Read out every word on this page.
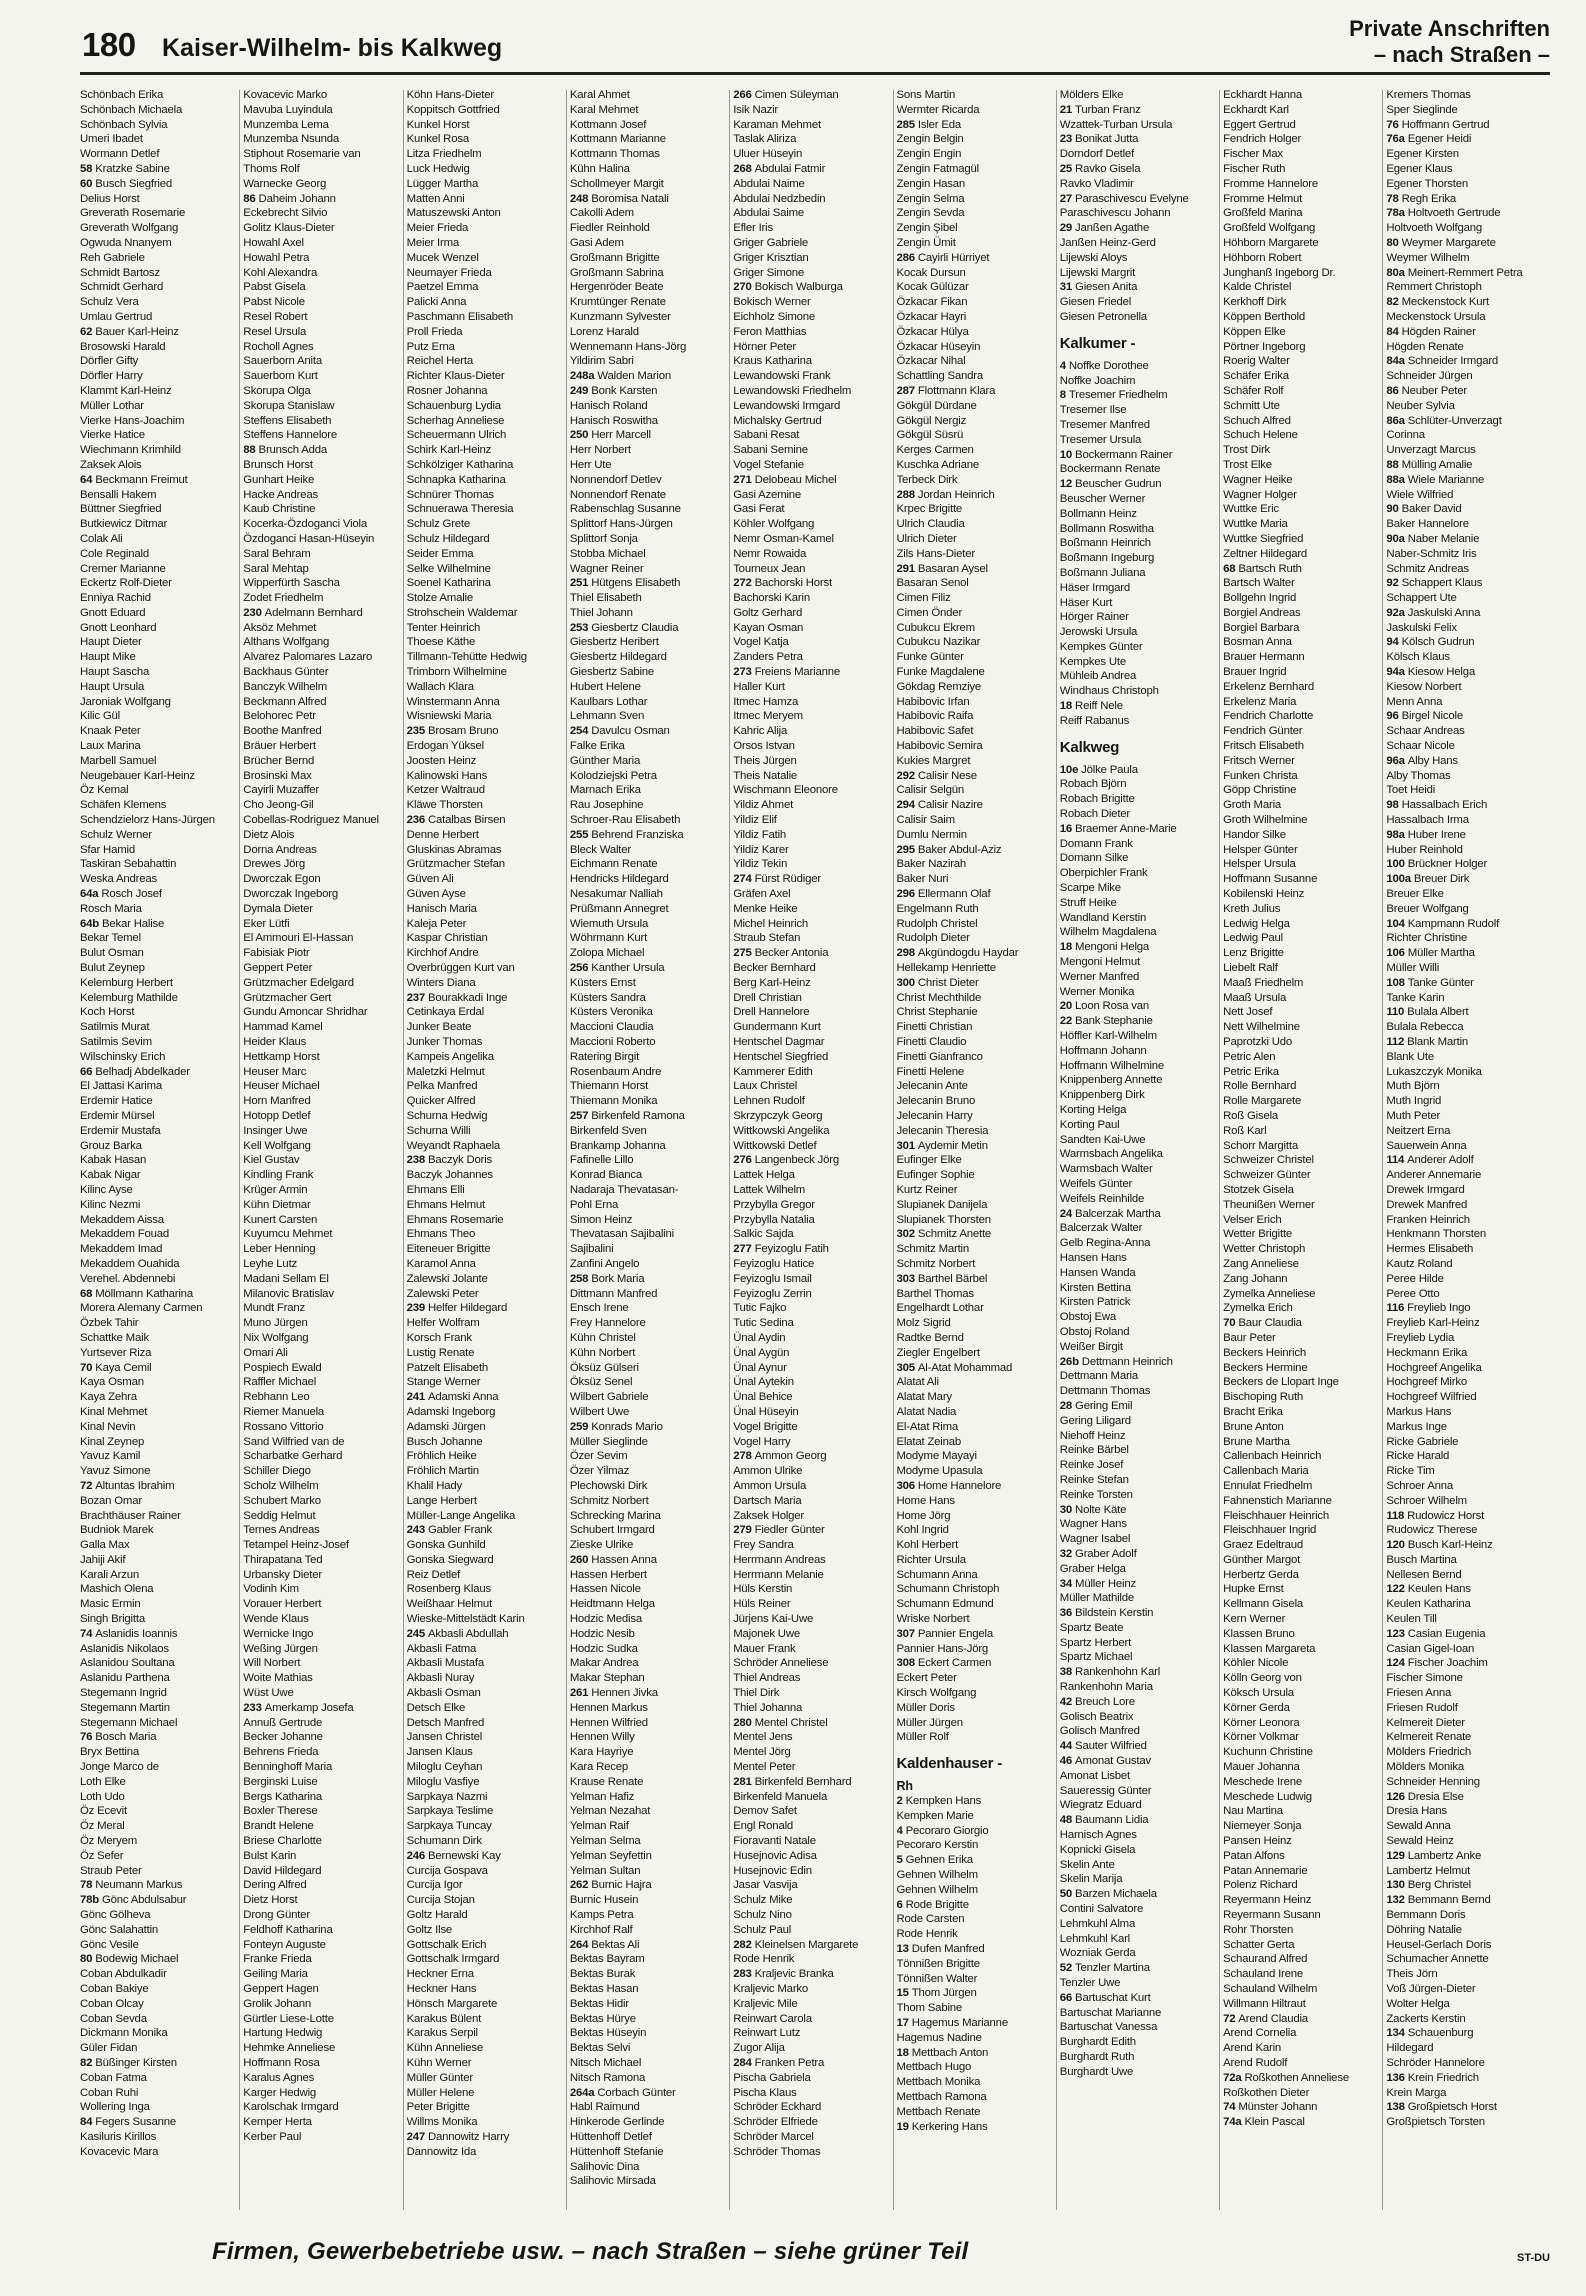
180 Kaiser-Wilhelm- bis Kalkweg
Private Anschriften
– nach Straßen –
Schönbach Erika
Schönbach Michaela
Schönbach Sylvia
Umeri Ibadet
Wormann Detlef
58 Kratzke Sabine
60 Busch Siegfried
Delius Horst
Greverath Rosemarie
Greverath Wolfgang
Ogwuda Nnanyem
Reh Gabriele
Schmidt Bartosz
Schmidt Gerhard
Schulz Vera
Umlau Gertrud
62 Bauer Karl-Heinz
Brosowski Harald
Dörfler Gifty
Dörfler Harry
Klammt Karl-Heinz
Müller Lothar
Vierke Hans-Joachim
Vierke Hatice
Wiechmann Krimhild
Zaksek Alois
64 Beckmann Freimut
Bensalli Hakem
Büttner Siegfried
Butkiewicz Ditmar
Colak Ali
Cole Reginald
Cremer Marianne
Eckertz Rolf-Dieter
Enniya Rachid
Gnott Eduard
Gnott Leonhard
Haupt Dieter
Haupt Mike
Haupt Sascha
Haupt Ursula
Jaroniak Wolfgang
Kilic Gül
Knaak Peter
Laux Marina
Marbell Samuel
Neugebauer Karl-Heinz
Öz Kemal
Schäfen Klemens
Schendzielorz Hans-Jürgen
Schulz Werner
Sfar Hamid
Taskiran Sebahattin
Weska Andreas
64a Rosch Josef
Rosch Maria
64b Bekar Halise
Bekar Temel
Bulut Osman
Bulut Zeynep
Kelemburg Herbert
Kelemburg Mathilde
Koch Horst
Satilmis Murat
Satilmis Sevim
Wilschinsky Erich
66 Belhadj Abdelkader
El Jattasi Karima
Erdemir Hatice
Erdemir Mürsel
Erdemir Mustafa
Grouz Barka
Kabak Hasan
Kabak Nigar
Kilinc Ayse
Kilinc Nezmi
Mekaddem Aissa
Mekaddem Fouad
Mekaddem Imad
Mekaddem Ouahida
Verehel. Abdennebi
68 Möllmann Katharina
Morera Alemany Carmen
Özbek Tahir
Schattke Maik
Yurtsever Riza
70 Kaya Cemil
Kaya Osman
Kaya Zehra
Kinal Mehmet
Kinal Nevin
Kinal Zeynep
Yavuz Kamil
Yavuz Simone
72 Altuntas Ibrahim
Bozan Omar
Brachthäuser Rainer
Budniok Marek
Galla Max
Jahiji Akif
Karali Arzun
Mashich Olena
Masic Ermin
Singh Brigitta
74 Aslanidis Ioannis
Aslanidis Nikolaos
Aslanidou Soultana
Aslanidu Parthena
Stegemann Ingrid
Stegemann Martin
Stegemann Michael
76 Bosch Maria
Bryx Bettina
Jonge Marco de
Loth Elke
Loth Udo
Öz Ecevit
Öz Meral
Öz Meryem
Öz Sefer
Straub Peter
78 Neumann Markus
78b Gönc Abdulsabur
Gönc Gölheva
Gönc Salahattin
Gönc Vesile
80 Bodewig Michael
Coban Abdulkadir
Coban Bakiye
Coban Olcay
Coban Sevda
Dickmann Monika
Güler Fidan
82 Büßinger Kirsten
Coban Fatma
Coban Ruhi
Wollering Inga
84 Fegers Susanne
Kasiluris Kirillos
Kovacevic Mara
Kovacevic Marko
Mavuba Luyindula
Munzemba Lema
Munzemba Nsunda
Stiphout Rosemarie van
Thoms Rolf
Warnecke Georg
86 Daheim Johann
Eckebrecht Silvio
Golitz Klaus-Dieter
Howahl Axel
Howahl Petra
Kohl Alexandra
Pabst Gisela
Pabst Nicole
Resel Robert
Resel Ursula
Rocholl Agnes
Sauerborn Anita
Sauerborn Kurt
Skorupa Olga
Skorupa Stanislaw
Steffens Elisabeth
Steffens Hannelore
88 Brunsch Adda
Brunsch Horst
Gunhart Heike
Hacke Andreas
Kaub Christine
Kocerka-Özdoganci Viola
Özdoganci Hasan-Hüseyin
Saral Behram
Saral Mehtap
Wipperfürth Sascha
Zodet Friedhelm
230 Adelmann Bernhard
Aksöz Mehmet
Althans Wolfgang
Alvarez Palomares Lazaro
Backhaus Günter
Banczyk Wilhelm
Beckmann Alfred
Belohorec Petr
Boothe Manfred
Bräuer Herbert
Brücher Bernd
Brosinski Max
Cayirli Muzaffer
Cho Jeong-Gil
Cobellas-Rodriguez Manuel
Dietz Alois
Dorna Andreas
Drewes Jörg
Dworczak Egon
Dworczak Ingeborg
Dymala Dieter
Eker Lütfi
El Ammouri El-Hassan
Fabisiak Piotr
Geppert Peter
Grützmacher Edelgard
Grützmacher Gert
Gundu Amoncar Shridhar
Hammad Kamel
Heider Klaus
Hettkamp Horst
Heuser Marc
Heuser Michael
Horn Manfred
Hotopp Detlef
Insinger Uwe
Kell Wolfgang
Kiel Gustav
Kindling Frank
Krüger Armin
Kühn Dietmar
Kunert Carsten
Kuyumcu Mehmet
Leber Henning
Leyhe Lutz
Madani Sellam El
Milanovic Bratislav
Mundt Franz
Muno Jürgen
Nix Wolfgang
Omari Ali
Pospiech Ewald
Raffler Michael
Rebhann Leo
Riemer Manuela
Rossano Vittorio
Sand Wilfried van de
Scharbatke Gerhard
Schiller Diego
Scholz Wilhelm
Schubert Marko
Seddig Helmut
Ternes Andreas
Tetampel Heinz-Josef
Thirapatana Ted
Urbansky Dieter
Vodinh Kim
Vorauer Herbert
Wende Klaus
Wernicke Ingo
Weßing Jürgen
Will Norbert
Woite Mathias
Wüst Uwe
233 Amerkamp Josefa
Annuß Gertrude
Becker Johanne
Behrens Frieda
Benninghoff Maria
Berginski Luise
Bergs Katharina
Boxler Therese
Brandt Helene
Briese Charlotte
Bulst Karin
David Hildegard
Dering Alfred
Dietz Horst
Drong Günter
Feldhoff Katharina
Fonteyn Auguste
Franke Frieda
Geiling Maria
Geppert Hagen
Grolik Johann
Gürtler Liese-Lotte
Hartung Hedwig
Hehmke Anneliese
Hoffmann Rosa
Karalus Agnes
Karger Hedwig
Karolschak Irmgard
Kemper Herta
Kerber Paul
Köhn Hans-Dieter
Koppitsch Gottfried
Kunkel Horst
Kunkel Rosa
Litza Friedhelm
Luck Hedwig
Lügger Martha
Matten Anni
Matuszewski Anton
Meier Frieda
Meier Irma
Mucek Wenzel
Neumayer Frieda
Paetzel Emma
Palicki Anna
Paschmann Elisabeth
Proll Frieda
Putz Erna
Reichel Herta
Richter Klaus-Dieter
Rosner Johanna
Schauenburg Lydia
Scherhag Anneliese
Scheuermann Ulrich
Schirk Karl-Heinz
Schkölziger Katharina
Schnapka Katharina
Schnürer Thomas
Schnuerawa Theresia
Schulz Grete
Schulz Hildegard
Seider Emma
Selke Wilhelmine
Soenel Katharina
Stolze Amalie
Strohschein Waldemar
Tenter Heinrich
Thoese Käthe
Tillmann-Tehütte Hedwig
Trimborn Wilhelmine
Wallach Klara
Winstermann Anna
Wisniewski Maria
235 Brosam Bruno
Erdogan Yüksel
Joosten Heinz
Kalinowski Hans
Ketzer Waltraud
Kläwe Thorsten
236 Catalbas Birsen
Denne Herbert
Gluskinas Abramas
Grützmacher Stefan
Güven Ali
Güven Ayse
Hanisch Maria
Kaleja Peter
Kaspar Christian
Kirchhof Andre
Overbrüggen Kurt van
Winters Diana
237 Bourakkadi Inge
Cetinkaya Erdal
Junker Beate
Junker Thomas
Kampeis Angelika
Maletzki Helmut
Pelka Manfred
Quicker Alfred
Schurna Hedwig
Schurna Willi
Weyandt Raphaela
238 Baczyk Doris
Baczyk Johannes
Ehmans Elli
Ehmans Helmut
Ehmans Rosemarie
Ehmans Theo
Eiteneuer Brigitte
Karamol Anna
Zalewski Jolante
Zalewski Peter
239 Helfer Hildegard
Helfer Wolfram
Korsch Frank
Lustig Renate
Patzelt Elisabeth
Stange Werner
241 Adamski Anna
Adamski Ingeborg
Adamski Jürgen
Busch Johanne
Fröhlich Heike
Fröhlich Martin
Khalil Hady
Lange Herbert
Müller-Lange Angelika
243 Gabler Frank
Gonska Gunhild
Gonska Siegward
Reiz Detlef
Rosenberg Klaus
Weißhaar Helmut
Wieske-Mittelstädt Karin
245 Akbasli Abdullah
Akbasli Fatma
Akbasli Mustafa
Akbasli Nuray
Akbasli Osman
Detsch Elke
Detsch Manfred
Jansen Christel
Jansen Klaus
Miloglu Ceyhan
Miloglu Vasfiye
Sarpkaya Nazmi
Sarpkaya Teslime
Sarpkaya Tuncay
Schumann Dirk
246 Bernewski Kay
Curcija Gospava
Curcija Igor
Curcija Stojan
Goltz Harald
Goltz Ilse
Gottschalk Erich
Gottschalk Irmgard
Heckner Erna
Heckner Hans
Hönsch Margarete
Karakus Bülent
Karakus Serpil
Kühn Anneliese
Kühn Werner
Müller Günter
Müller Helene
Peter Brigitte
Willms Monika
247 Dannowitz Harry
Dannowitz Ida
Karal Ahmet
Karal Mehmet
Kottmann Josef
Kottmann Marianne
Kottmann Thomas
Kühn Halina
Schollmeyer Margit
248 Boromisa Natali
Cakolli Adem
Fiedler Reinhold
Gasi Adem
Großmann Brigitte
Großmann Sabrina
Hergenröder Beate
Krumtünger Renate
Kunzmann Sylvester
Lorenz Harald
Wennemann Hans-Jörg
Yildirim Sabri
248a Walden Marion
249 Bonk Karsten
Hanisch Roland
Hanisch Roswitha
250 Herr Marcell
Herr Norbert
Herr Ute
Nonnendorf Detlev
Nonnendorf Renate
Rabenschlag Susanne
Splittorf Hans-Jürgen
Splittorf Sonja
Stobba Michael
Wagner Reiner
251 Hütgens Elisabeth
Thiel Elisabeth
Thiel Johann
253 Giesbertz Claudia
Giesbertz Heribert
Giesbertz Hildegard
Giesbertz Sabine
Hubert Helene
Kaulbars Lothar
Lehmann Sven
254 Davulcu Osman
Falke Erika
Günther Maria
Kolodziejski Petra
Marnach Erika
Rau Josephine
Schroer-Rau Elisabeth
255 Behrend Franziska
Bleck Walter
Eichmann Renate
Hendricks Hildegard
Nesakumar Nalliah
Prüßmann Annegret
Wiemuth Ursula
Wöhrmann Kurt
Zolopa Michael
256 Kanther Ursula
Küsters Ernst
Küsters Sandra
Küsters Veronika
Maccioni Claudia
Maccioni Roberto
Ratering Birgit
Rosenbaum Andre
Thiemann Horst
Thiemann Monika
257 Birkenfeld Ramona
Birkenfeld Sven
Brankamp Johanna
Fafinelle Lillo
Konrad Bianca
Nadaraja Thevatasan-
Pohl Erna
Simon Heinz
Thevatasan Sajibalini
Sajibalini
Zanfini Angelo
258 Bork Maria
Dittmann Manfred
Ensch Irene
Frey Hannelore
Kühn Christel
Kühn Norbert
Öksüz Gülseri
Öksüz Senel
Wilbert Gabriele
Wilbert Uwe
259 Konrads Mario
Müller Sieglinde
Özer Sevim
Özer Yilmaz
Plechowski Dirk
Schmitz Norbert
Schrecking Marina
Schubert Irmgard
Zieske Ulrike
260 Hassen Anna
Hassen Herbert
Hassen Nicole
Heidtmann Helga
Hodzic Medisa
Hodzic Nesib
Hodzic Sudka
Makar Andrea
Makar Stephan
261 Hennen Jivka
Hennen Markus
Hennen Wilfried
Hennen Willy
Kara Hayriye
Kara Recep
Krause Renate
Yelman Hafiz
Yelman Nezahat
Yelman Raif
Yelman Selma
Yelman Seyfettin
Yelman Sultan
262 Burnic Hajra
Burnic Husein
Kamps Petra
Kirchhof Ralf
264 Bektas Ali
Bektas Bayram
Bektas Burak
Bektas Hasan
Bektas Hidir
Bektas Hürye
Bektas Hüseyin
Bektas Selvi
Nitsch Michael
Nitsch Ramona
264a Corbach Günter
Habl Raimund
Hinkerode Gerlinde
Hüttenhoff Detlef
Hüttenhoff Stefanie
Salihovic Dina
Salihovic Mirsada
266 Cimen Süleyman
Isik Nazir
Karaman Mehmet
Taslak Aliriza
Uluer Hüseyin
268 Abdulai Fatmir
Abdulai Naime
Abdulai Nedzbedin
Abdulai Saime
Efler Iris
Griger Gabriele
Griger Krisztian
Griger Simone
270 Bokisch Walburga
Bokisch Werner
Eichholz Simone
Feron Matthias
Hörner Peter
Kraus Katharina
Lewandowski Frank
Lewandowski Friedhelm
Lewandowski Irmgard
Michalsky Gertrud
Sabani Resat
Sabani Semine
Vogel Stefanie
271 Delobeau Michel
Gasi Azemine
Gasi Ferat
Köhler Wolfgang
Nemr Osman-Kamel
Nemr Rowaida
Tourneux Jean
272 Bachorski Horst
Bachorski Karin
Goltz Gerhard
Kayan Osman
Vogel Katja
Zanders Petra
273 Freiens Marianne
Haller Kurt
Itmec Hamza
Itmec Meryem
Kahric Alija
Orsos Istvan
Theis Jürgen
Theis Natalie
Wischmann Eleonore
Yildiz Ahmet
Yildiz Elif
Yildiz Fatih
Yildiz Karer
Yildiz Tekin
274 Fürst Rüdiger
Gräfen Axel
Menke Heike
Michel Heinrich
Straub Stefan
275 Becker Antonia
Becker Bernhard
Berg Karl-Heinz
Drell Christian
Drell Hannelore
Gundermann Kurt
Hentschel Dagmar
Hentschel Siegfried
Kammerer Edith
Laux Christel
Lehnen Rudolf
Skrzypczyk Georg
Wittkowski Angelika
Wittkowski Detlef
276 Langenbeck Jörg
Lattek Helga
Lattek Wilhelm
Przybylla Gregor
Przybylla Natalia
Salkic Sajda
277 Feyizoglu Fatih
Feyizoglu Hatice
Feyizoglu Ismail
Feyizoglu Zerrin
Tutic Fajko
Tutic Sedina
Ünal Aydin
Ünal Aygün
Ünal Aynur
Ünal Aytekin
Ünal Behice
Ünal Hüseyin
Vogel Brigitte
Vogel Harry
278 Ammon Georg
Ammon Ulrike
Ammon Ursula
Dartsch Maria
Zaksek Holger
279 Fiedler Günter
Frey Sandra
Herrmann Andreas
Herrmann Melanie
Hüls Kerstin
Hüls Reiner
Jürjens Kai-Uwe
Majonek Uwe
Mauer Frank
Schröder Anneliese
Thiel Andreas
Thiel Dirk
Thiel Johanna
280 Mentel Christel
Mentel Jens
Mentel Jörg
Mentel Peter
281 Birkenfeld Bernhard
Birkenfeld Manuela
Demov Safet
Engl Ronald
Fioravanti Natale
Husejnovic Adisa
Husejnovic Edin
Jasar Vasvija
Schulz Mike
Schulz Nino
Schulz Paul
282 Kleinelsen Margarete
Rode Henrik
283 Kraljevic Branka
Kraljevic Marko
Kraljevic Mile
Reinwart Carola
Reinwart Lutz
Zugor Alija
284 Franken Petra
Pischa Gabriela
Pischa Klaus
Schröder Eckhard
Schröder Elfriede
Schröder Marcel
Schröder Thomas
Sons Martin
Wermter Ricarda
285 Isler Eda
Zengin Belgin
Zengin Engin
Zengin Fatmagül
Zengin Hasan
Zengin Selma
Zengin Sevda
Zengin Şibel
Zengin Ümit
286 Cayirli Hürriyet
Kocak Dursun
Kocak Gülüzar
Özkacar Fikan
Özkacar Hayri
Özkacar Hülya
Özkacar Hüseyin
Özkacar Nihal
Schattling Sandra
287 Flottmann Klara
Gökgül Dürdane
Gökgül Nergiz
Gökgül Süsrü
Kerges Carmen
Kuschka Adriane
Terbeck Dirk
288 Jordan Heinrich
Krpec Brigitte
Ulrich Claudia
Ulrich Dieter
Zils Hans-Dieter
291 Basaran Aysel
Basaran Senol
Cimen Filiz
Cimen Önder
Cubukcu Ekrem
Cubukcu Nazikar
Funke Günter
Funke Magdalene
Gökdag Remziye
Habibovic Irfan
Habibovic Raifa
Habibovic Safet
Habibovic Semira
Kukies Margret
292 Calisir Nese
Calisir Selgün
294 Calisir Nazire
Calisir Saim
Dumlu Nermin
295 Baker Abdul-Aziz
Baker Nazirah
Baker Nuri
296 Ellermann Olaf
Engelmann Ruth
Rudolph Christel
Rudolph Dieter
298 Akgündogdu Haydar
Hellekamp Henriette
300 Christ Dieter
Christ Mechthilde
Christ Stephanie
Finetti Christian
Finetti Claudio
Finetti Gianfranco
Finetti Helene
Jelecanin Ante
Jelecanin Bruno
Jelecanin Harry
Jelecanin Theresia
301 Aydemir Metin
Eufinger Elke
Eufinger Sophie
Kurtz Reiner
Slupianek Danijela
Slupianek Thorsten
302 Schmitz Anette
Schmitz Martin
Schmitz Norbert
303 Barthel Bärbel
Barthel Thomas
Engelhardt Lothar
Molz Sigrid
Radtke Bernd
Ziegler Engelbert
305 Al-Atat Mohammad
Alatat Ali
Alatat Mary
Alatat Nadia
El-Atat Rima
Elatat Zeinab
Modyme Mayayi
Modyme Upasula
306 Home Hannelore
Home Hans
Home Jörg
Kohl Ingrid
Kohl Herbert
Richter Ursula
Schumann Anna
Schumann Christoph
Schumann Edmund
Wriske Norbert
307 Pannier Engela
Pannier Hans-Jörg
308 Eckert Carmen
Eckert Peter
Kirsch Wolfgang
Müller Doris
Müller Jürgen
Müller Rolf
Kaldenhauser -
Rh
2 Kempken Hans
Kempken Marie
4 Pecoraro Giorgio
Pecoraro Kerstin
5 Gehnen Erika
Gehnen Wilhelm
Gehnen Wilhelm
6 Rode Brigitte
Rode Carsten
Rode Henrik
13 Dufen Manfred
Tönnißen Brigitte
Tönnißen Walter
15 Thom Jürgen
Thom Sabine
17 Hagemus Marianne
Hagemus Nadine
18 Mettbach Anton
Mettbach Hugo
Mettbach Monika
Mettbach Ramona
Mettbach Renate
19 Kerkering Hans
Mölders Elke
21 Turban Franz
Wzattek-Turban Ursula
23 Bonikat Jutta
Dorndorf Detlef
25 Ravko Gisela
Ravko Vladimir
27 Paraschivescu Evelyne
Paraschivescu Johann
29 Janßen Agathe
Janßen Heinz-Gerd
Lijewski Aloys
Lijewski Margrit
31 Giesen Anita
Giesen Friedel
Giesen Petronella
Kalkumer -
4 Noffke Dorothee
Noffke Joachim
8 Tresemer Friedhelm
Tresemer Ilse
Tresemer Manfred
Tresemer Ursula
10 Bockermann Rainer
Bockermann Renate
12 Beuscher Gudrun
Beuscher Werner
Bollmann Heinz
Bollmann Roswitha
Boßmann Heinrich
Boßmann Ingeburg
Boßmann Juliana
Häser Irmgard
Häser Kurt
Hörger Rainer
Jerowski Ursula
Kempkes Günter
Kempkes Ute
Mühleib Andrea
Windhaus Christoph
18 Reiff Nele
Reiff Rabanus
Kalkweg
10e Jölke Paula
Robach Björn
Robach Brigitte
Robach Dieter
16 Braemer Anne-Marie
Domann Frank
Domann Silke
Oberpichler Frank
Scarpe Mike
Struff Heike
Wandland Kerstin
Wilhelm Magdalena
18 Mengoni Helga
Mengoni Helmut
Werner Manfred
Werner Monika
20 Loon Rosa van
22 Bank Stephanie
Höffler Karl-Wilhelm
Hoffmann Johann
Hoffmann Wilhelmine
Knippenberg Annette
Knippenberg Dirk
Korting Helga
Korting Paul
Sandten Kai-Uwe
Warmsbach Angelika
Warmsbach Walter
Weifels Günter
Weifels Reinhilde
24 Balcerzak Martha
Balcerzak Walter
Gelb Regina-Anna
Hansen Hans
Hansen Wanda
Kirsten Bettina
Kirsten Patrick
Obstoj Ewa
Obstoj Roland
Weißer Birgit
26b Dettmann Heinrich
Dettmann Maria
Dettmann Thomas
28 Gering Emil
Gering Liligard
Niehoff Heinz
Reinke Bärbel
Reinke Josef
Reinke Stefan
Reinke Torsten
30 Nolte Käte
Wagner Hans
Wagner Isabel
32 Graber Adolf
Graber Helga
34 Müller Heinz
Müller Mathilde
36 Bildstein Kerstin
Spartz Beate
Spartz Herbert
Spartz Michael
38 Rankenhohn Karl
Rankenhohn Maria
42 Breuch Lore
Golisch Beatrix
Golisch Manfred
44 Sauter Wilfried
46 Amonat Gustav
Amonat Lisbet
Saueressig Günter
Wiegratz Eduard
48 Baumann Lidia
Harnisch Agnes
Kopnicki Gisela
Skelin Ante
Skelin Marija
50 Barzen Michaela
Contini Salvatore
Lehmkuhl Alma
Lehmkuhl Karl
Wozniak Gerda
52 Tenzler Martina
Tenzler Uwe
66 Bartuschat Kurt
Bartuschat Marianne
Bartuschat Vanessa
Burghardt Edith
Burghardt Ruth
Burghardt Uwe
Eckhardt Hanna
Eckhardt Karl
Eggert Gertrud
Fendrich Holger
Fischer Max
Fischer Ruth
Fromme Hannelore
Fromme Helmut
Großfeld Marina
Großfeld Wolfgang
Höhborn Margarete
Höhborn Robert
Junghanß Ingeborg Dr.
Kalde Christel
Kerkhoff Dirk
Köppen Berthold
Köppen Elke
Pörtner Ingeborg
Roerig Walter
Schäfer Erika
Schäfer Rolf
Schmitt Ute
Schuch Alfred
Schuch Helene
Trost Dirk
Trost Elke
Wagner Heike
Wagner Holger
Wuttke Eric
Wuttke Maria
Wuttke Siegfried
Zeltner Hildegard
68 Bartsch Ruth
Bartsch Walter
Bollgehn Ingrid
Borgiel Andreas
Borgiel Barbara
Bosman Anna
Brauer Hermann
Brauer Ingrid
Erkelenz Bernhard
Erkelenz Maria
Fendrich Charlotte
Fendrich Günter
Fritsch Elisabeth
Fritsch Werner
Funken Christa
Göpp Christine
Groth Maria
Groth Wilhelmine
Handor Silke
Helsper Günter
Helsper Ursula
Hoffmann Susanne
Kobilenski Heinz
Kreth Julius
Ledwig Helga
Ledwig Paul
Lenz Brigitte
Liebelt Ralf
Maaß Friedhelm
Maaß Ursula
Nett Josef
Nett Wilhelmine
Paprotzki Udo
Petric Alen
Petric Erika
Rolle Bernhard
Rolle Margarete
Roß Gisela
Roß Karl
Schorr Margitta
Schweizer Christel
Schweizer Günter
Stotzek Gisela
Theunißen Werner
Velser Erich
Wetter Brigitte
Wetter Christoph
Zang Anneliese
Zang Johann
Zymelka Anneliese
Zymelka Erich
70 Baur Claudia
Baur Peter
Beckers Heinrich
Beckers Hermine
Beckers de Llopart Inge
Bischoping Ruth
Bracht Erika
Brune Anton
Brune Martha
Callenbach Heinrich
Callenbach Maria
Ennulat Friedhelm
Fahnenstich Marianne
Fleischhauer Heinrich
Fleischhauer Ingrid
Graez Edeltraud
Günther Margot
Herbertz Gerda
Hupke Ernst
Kellmann Gisela
Kern Werner
Klassen Bruno
Klassen Margareta
Köhler Nicole
Kölln Georg von
Köksch Ursula
Körner Gerda
Körner Leonora
Körner Volkmar
Kuchunn Christine
Mauer Johanna
Meschede Irene
Meschede Ludwig
Nau Martina
Niemeyer Sonja
Pansen Heinz
Patan Alfons
Patan Annemarie
Polenz Richard
Reyermann Heinz
Reyermann Susann
Rohr Thorsten
Schatter Gerta
Schaurand Alfred
Schauland Irene
Schauland Wilhelm
Willmann Hiltraut
72 Arend Claudia
Arend Cornelia
Arend Karin
Arend Rudolf
72a Roßkothen Anneliese
Roßkothen Dieter
74 Münster Johann
74a Klein Pascal
Kremers Thomas
Sper Sieglinde
76 Hoffmann Gertrud
76a Egener Heidi
Egener Kirsten
Egener Klaus
Egener Thorsten
78 Regh Erika
78a Holtvoeth Gertrude
Holtvoeth Wolfgang
80 Weymer Margarete
Weymer Wilhelm
80a Meinert-Remmert Petra
Remmert Christoph
82 Meckenstock Kurt
Meckenstock Ursula
84 Högden Rainer
Högden Renate
84a Schneider Irmgard
Schneider Jürgen
86 Neuber Peter
Neuber Sylvia
86a Schlüter-Unverzagt
Corinna
Unverzagt Marcus
88 Mülling Amalie
88a Wiele Marianne
Wiele Wilfried
90 Baker David
Baker Hannelore
90a Naber Melanie
Naber-Schmitz Iris
Schmitz Andreas
92 Schappert Klaus
Schappert Ute
92a Jaskulski Anna
Jaskulski Felix
94 Kölsch Gudrun
Kölsch Klaus
94a Kiesow Helga
Kiesow Norbert
Menn Anna
96 Birgel Nicole
Schaar Andreas
Schaar Nicole
96a Alby Hans
Alby Thomas
Toet Heidi
98 Hassalbach Erich
Hassalbach Irma
98a Huber Irene
Huber Reinhold
100 Brückner Holger
100a Breuer Dirk
Breuer Elke
Breuer Wolfgang
104 Kampmann Rudolf
Richter Christine
106 Müller Martha
Müller Willi
108 Tanke Günter
Tanke Karin
110 Bulala Albert
Bulala Rebecca
112 Blank Martin
Blank Ute
Lukaszczyk Monika
Muth Björn
Muth Ingrid
Muth Peter
Neitzert Erna
Sauerwein Anna
114 Anderer Adolf
Anderer Annemarie
Drewek Irmgard
Drewek Manfred
Franken Heinrich
Henkmann Thorsten
Hermes Elisabeth
Kautz Roland
Peree Hilde
Peree Otto
116 Freylieb Ingo
Freylieb Karl-Heinz
Freylieb Lydia
Heckmann Erika
Hochgreef Angelika
Hochgreef Mirko
Hochgreef Wilfried
Markus Hans
Markus Inge
Ricke Gabriele
Ricke Harald
Ricke Tim
Schroer Anna
Schroer Wilhelm
118 Rudowicz Horst
Rudowicz Therese
120 Busch Karl-Heinz
Busch Martina
Nellesen Bernd
122 Keulen Hans
Keulen Katharina
Keulen Till
123 Casian Eugenia
Casian Gigel-Ioan
124 Fischer Joachim
Fischer Simone
Friesen Anna
Friesen Rudolf
Kelmereit Dieter
Kelmereit Renate
Mölders Friedrich
Mölders Monika
Schneider Henning
126 Dresia Else
Dresia Hans
Sewald Anna
Sewald Heinz
129 Lambertz Anke
Lambertz Helmut
130 Berg Christel
132 Bemmann Bernd
Bemmann Doris
Döhring Natalie
Heusel-Gerlach Doris
Schumacher Annette
Theis Jörn
Voß Jürgen-Dieter
Wolter Helga
Zackerts Kerstin
134 Schauenburg
Hildegard
Schröder Hannelore
136 Krein Friedrich
Krein Marga
138 Großpietsch Horst
Großpietsch Torsten
Firmen, Gewerbebetriebe usw. – nach Straßen – siehe grüner Teil	ST-DU
